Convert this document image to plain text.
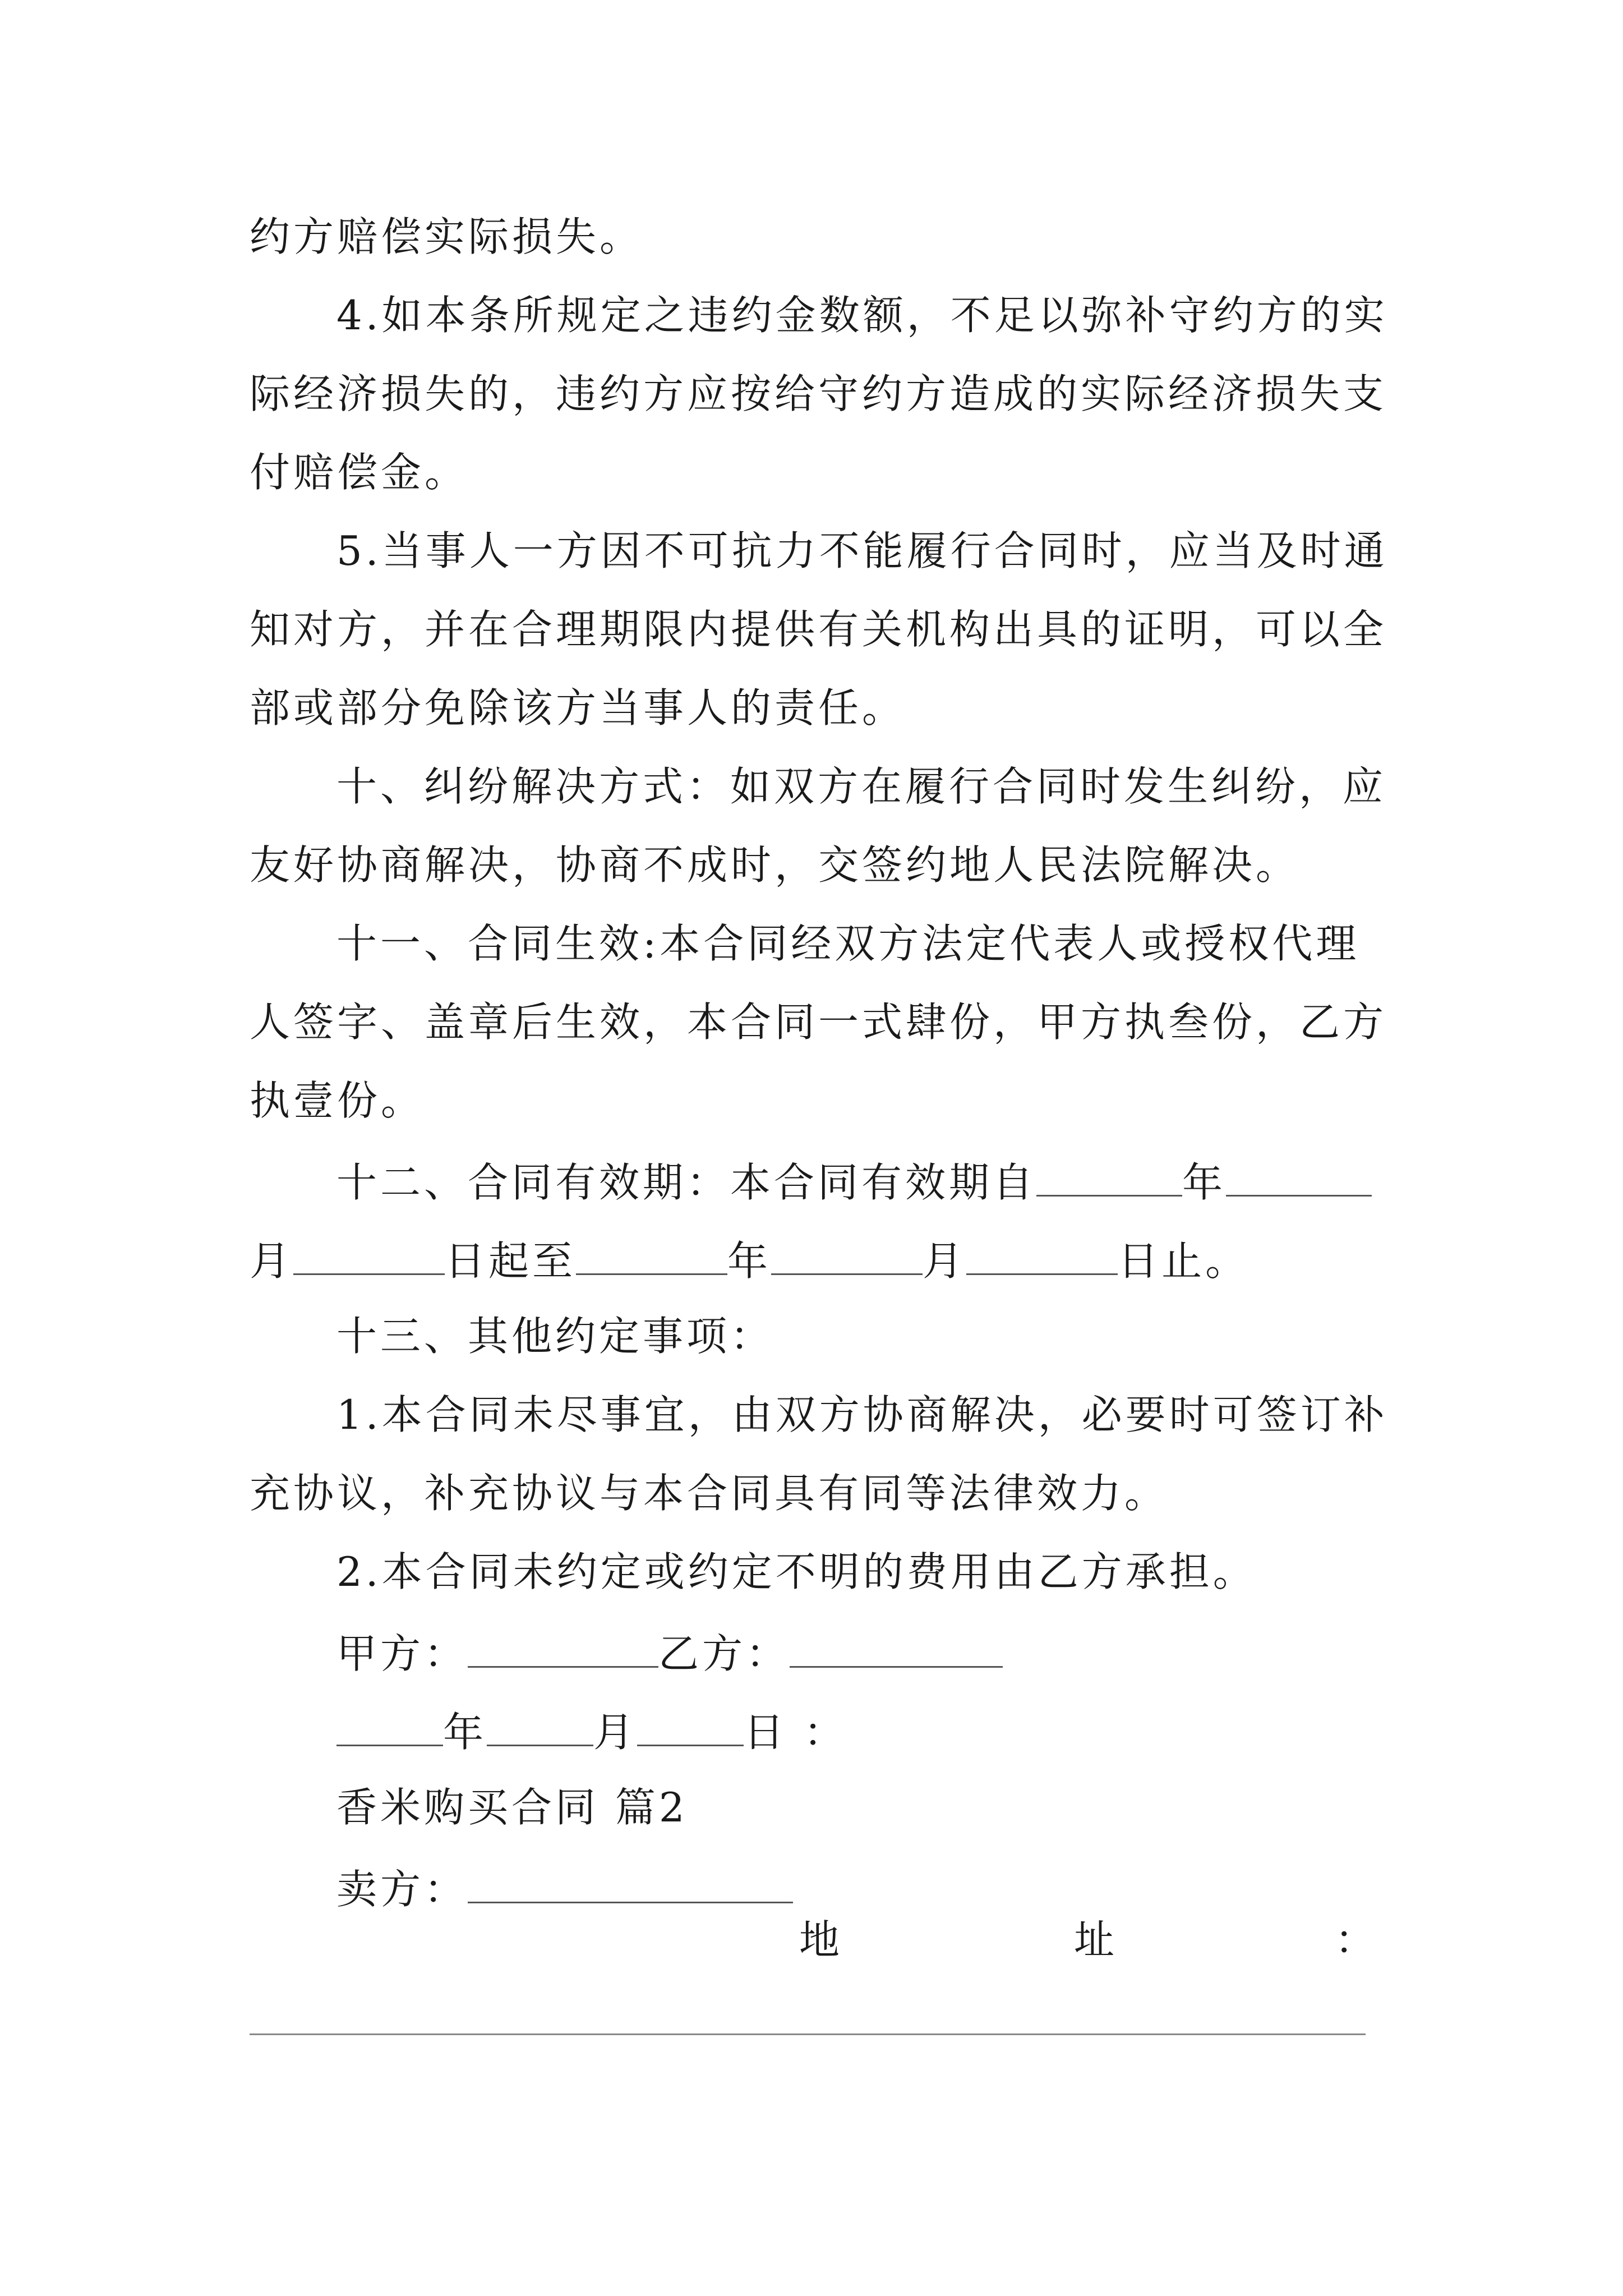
约方赔偿实际损失。
4.如本条所规定之违约金数额，不足以弥补守约方的实
际经济损失的，违约方应按给守约方造成的实际经济损失支
付赔偿金。
5.当事人一方因不可抗力不能履行合同时，应当及时通
知对方，并在合理期限内提供有关机构出具的证明，可以全
部或部分免除该方当事人的责任。
十、纠纷解决方式：如双方在履行合同时发生纠纷，应
友好协商解决，协商不成时，交签约地人民法院解决。
十一、合同生效:本合同经双方法定代表人或授权代理
人签字、盖章后生效，本合同一式肆份，甲方执叁份，乙方
执壹份。
十二、合同有效期：本合同有效期自	年
月	日起至	年	月	日止。
十三、其他约定事项：
1.本合同未尽事宜，由双方协商解决，必要时可签订补
充协议，补充协议与本合同具有同等法律效力。
2.本合同未约定或约定不明的费用由乙方承担。
甲方：	乙方：
年	月	日 ：
香米购买合同 篇2
卖方：
地	址	：
